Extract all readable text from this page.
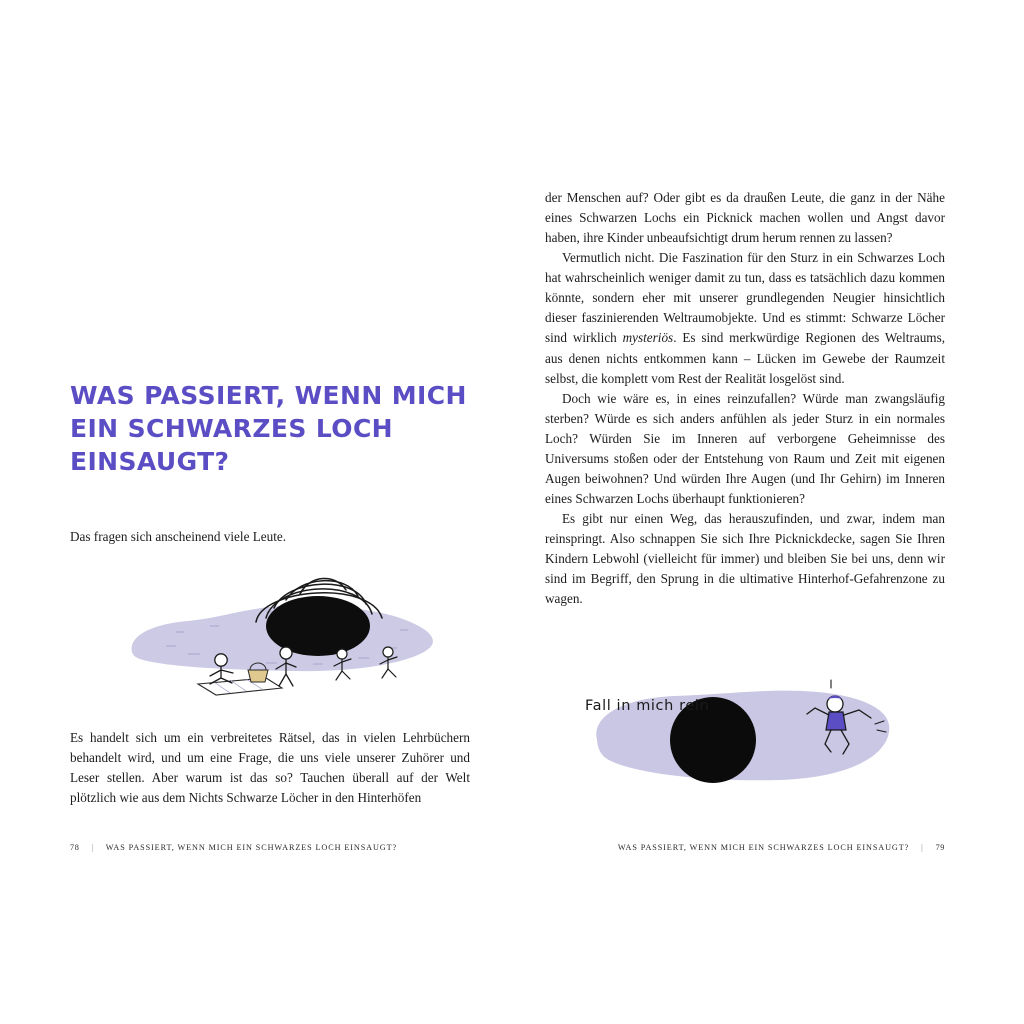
WAS PASSIERT, WENN MICH EIN SCHWARZES LOCH EINSAUGT?

Das fragen sich anscheinend viele Leute.

Es handelt sich um ein verbreitetes Rätsel, das in vielen Lehrbüchern behandelt wird, und um eine Frage, die uns viele unserer Zuhörer und Leser stellen. Aber warum ist das so? Tauchen überall auf der Welt plötzlich wie aus dem Nichts Schwarze Löcher in den Hinterhöfen

78 | WAS PASSIERT, WENN MICH EIN SCHWARZES LOCH EINSAUGT?

der Menschen auf? Oder gibt es da draußen Leute, die ganz in der Nähe eines Schwarzen Lochs ein Picknick machen wollen und Angst davor haben, ihre Kinder unbeaufsichtigt drum herum rennen zu lassen?

Vermutlich nicht. Die Faszination für den Sturz in ein Schwarzes Loch hat wahrscheinlich weniger damit zu tun, dass es tatsächlich dazu kommen könnte, sondern eher mit unserer grundlegenden Neugier hinsichtlich dieser faszinierenden Weltraumobjekte. Und es stimmt: Schwarze Löcher sind wirklich mysteriös. Es sind merkwürdige Regionen des Weltraums, aus denen nichts entkommen kann – Lücken im Gewebe der Raumzeit selbst, die komplett vom Rest der Realität losgelöst sind.

Doch wie wäre es, in eines reinzufallen? Würde man zwangsläufig sterben? Würde es sich anders anfühlen als jeder Sturz in ein normales Loch? Würden Sie im Inneren auf verborgene Geheimnisse des Universums stoßen oder der Entstehung von Raum und Zeit mit eigenen Augen beiwohnen? Und würden Ihre Augen (und Ihr Gehirn) im Inneren eines Schwarzen Lochs überhaupt funktionieren?

Es gibt nur einen Weg, das herauszufinden, und zwar, indem man reinspringt. Also schnappen Sie sich Ihre Picknickdecke, sagen Sie Ihren Kindern Lebwohl (vielleicht für immer) und bleiben Sie bei uns, denn wir sind im Begriff, den Sprung in die ultimative Hinterhof-Gefahrenzone zu wagen.

Fall in mich rein
WAS PASSIERT, WENN MICH EIN SCHWARZES LOCH EINSAUGT? | 79
